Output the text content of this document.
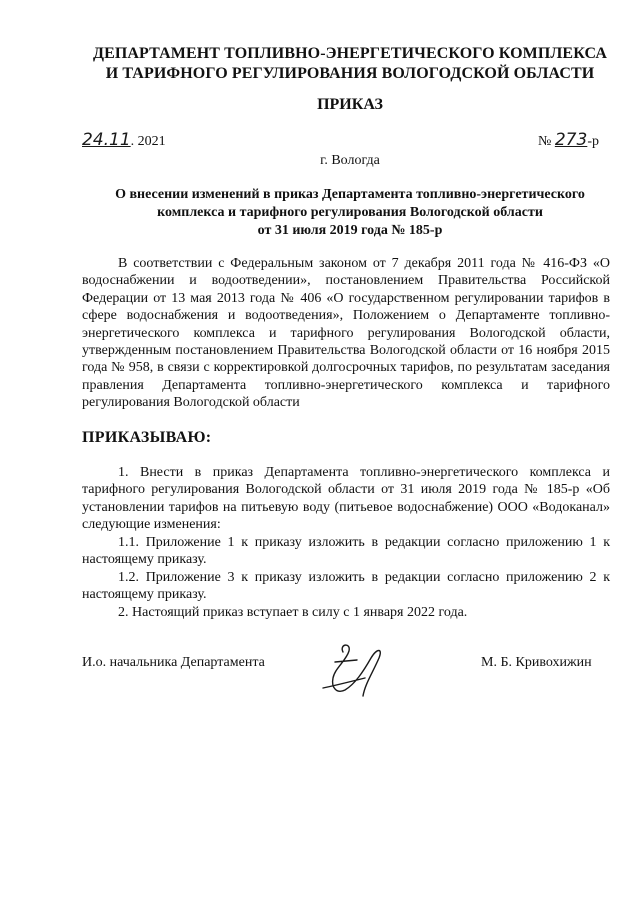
ДЕПАРТАМЕНТ ТОПЛИВНО-ЭНЕРГЕТИЧЕСКОГО КОМПЛЕКСА
И ТАРИФНОГО РЕГУЛИРОВАНИЯ ВОЛОГОДСКОЙ ОБЛАСТИ
ПРИКАЗ
24.11. 2021	№ 273-р
г. Вологда
О внесении изменений в приказ Департамента топливно-энергетического
комплекса и тарифного регулирования Вологодской области
от 31 июля 2019 года № 185-р
В соответствии с Федеральным законом от 7 декабря 2011 года № 416-ФЗ «О водоснабжении и водоотведении», постановлением Правительства Российской Федерации от 13 мая 2013 года № 406 «О государственном регулировании тарифов в сфере водоснабжения и водоотведения», Положением о Департаменте топливно-энергетического комплекса и тарифного регулирования Вологодской области, утвержденным постановлением Правительства Вологодской области от 16 ноября 2015 года № 958, в связи с корректировкой долгосрочных тарифов, по результатам заседания правления Департамента топливно-энергетического комплекса и тарифного регулирования Вологодской области
ПРИКАЗЫВАЮ:
1. Внести в приказ Департамента топливно-энергетического комплекса и тарифного регулирования Вологодской области от 31 июля 2019 года № 185-р «Об установлении тарифов на питьевую воду (питьевое водоснабжение) ООО «Водоканал» следующие изменения:
1.1. Приложение 1 к приказу изложить в редакции согласно приложению 1 к настоящему приказу.
1.2. Приложение 3 к приказу изложить в редакции согласно приложению 2 к настоящему приказу.
2. Настоящий приказ вступает в силу с 1 января 2022 года.
И.о. начальника Департамента	М. Б. Кривохижин
